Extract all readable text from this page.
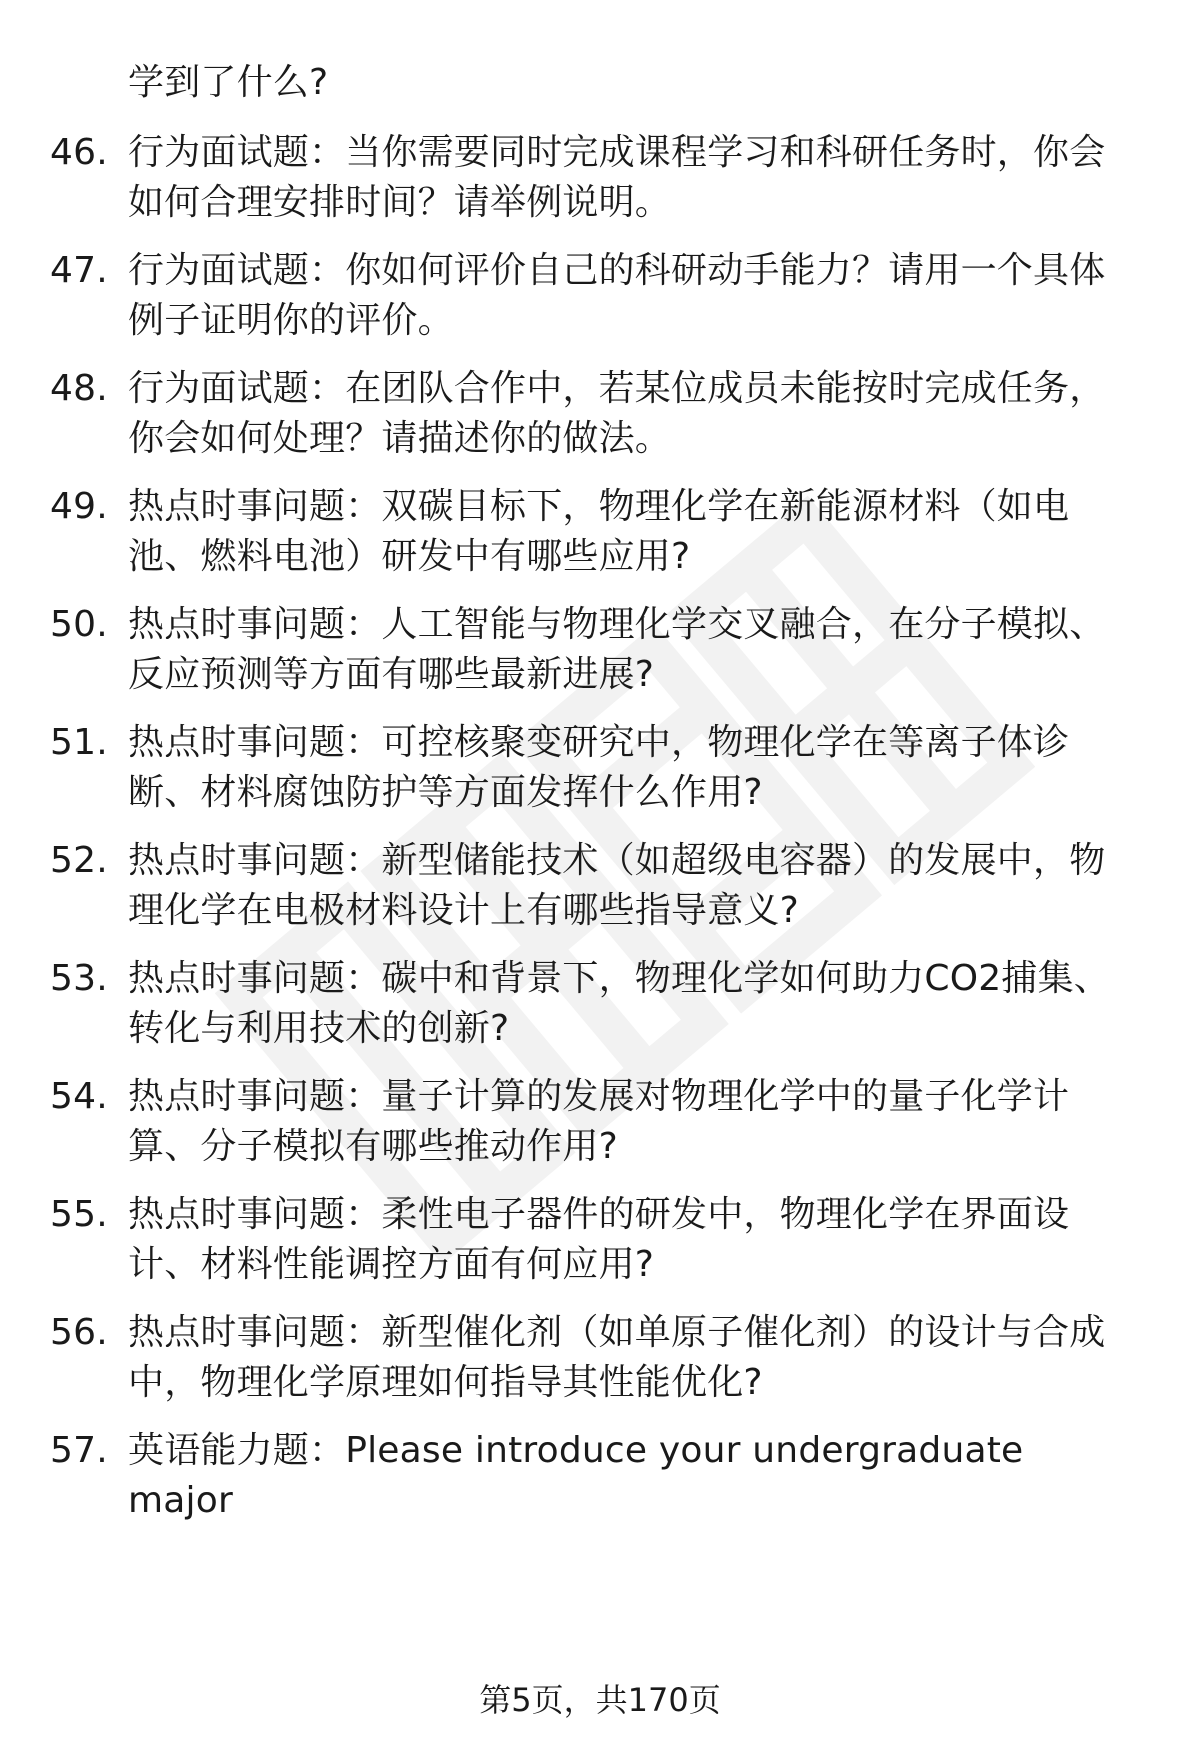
学到了什么?
46. 行为面试题：当你需要同时完成课程学习和科研任务时，你会如何合理安排时间？请举例说明。
47. 行为面试题：你如何评价自己的科研动手能力？请用一个具体例子证明你的评价。
48. 行为面试题：在团队合作中，若某位成员未能按时完成任务，你会如何处理？请描述你的做法。
49. 热点时事问题：双碳目标下，物理化学在新能源材料（如电池、燃料电池）研发中有哪些应用?
50. 热点时事问题：人工智能与物理化学交叉融合，在分子模拟、反应预测等方面有哪些最新进展?
51. 热点时事问题：可控核聚变研究中，物理化学在等离子体诊断、材料腐蚀防护等方面发挥什么作用?
52. 热点时事问题：新型储能技术（如超级电容器）的发展中，物理化学在电极材料设计上有哪些指导意义?
53. 热点时事问题：碳中和背景下，物理化学如何助力CO2捕集、转化与利用技术的创新?
54. 热点时事问题：量子计算的发展对物理化学中的量子化学计算、分子模拟有哪些推动作用?
55. 热点时事问题：柔性电子器件的研发中，物理化学在界面设计、材料性能调控方面有何应用?
56. 热点时事问题：新型催化剂（如单原子催化剂）的设计与合成中，物理化学原理如何指导其性能优化?
57. 英语能力题：Please introduce your undergraduate major
第5页，共170页
